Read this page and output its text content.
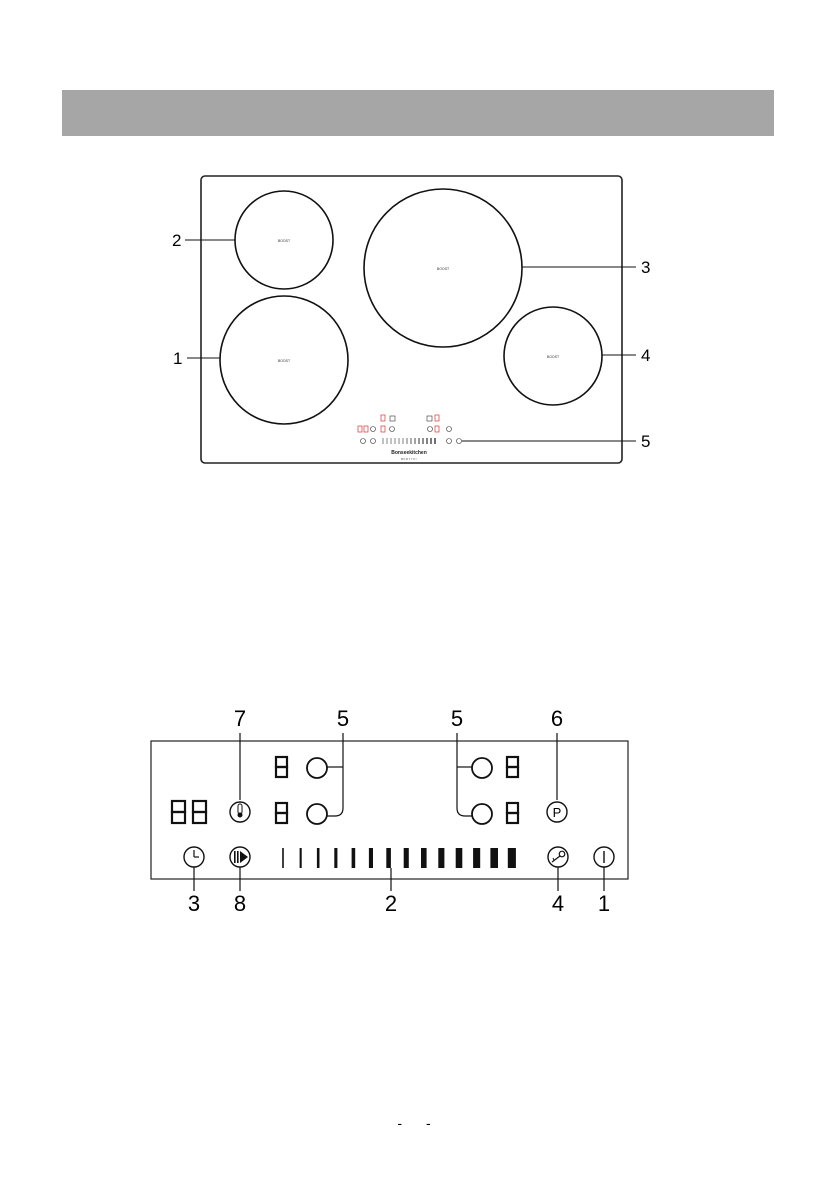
BOOST
BOOST
BOOST
BOOST
Bonseekitchen
BKD77CI
2
1
3
4
5
7	5	5	6
3 8	2	4 1
P
- -
